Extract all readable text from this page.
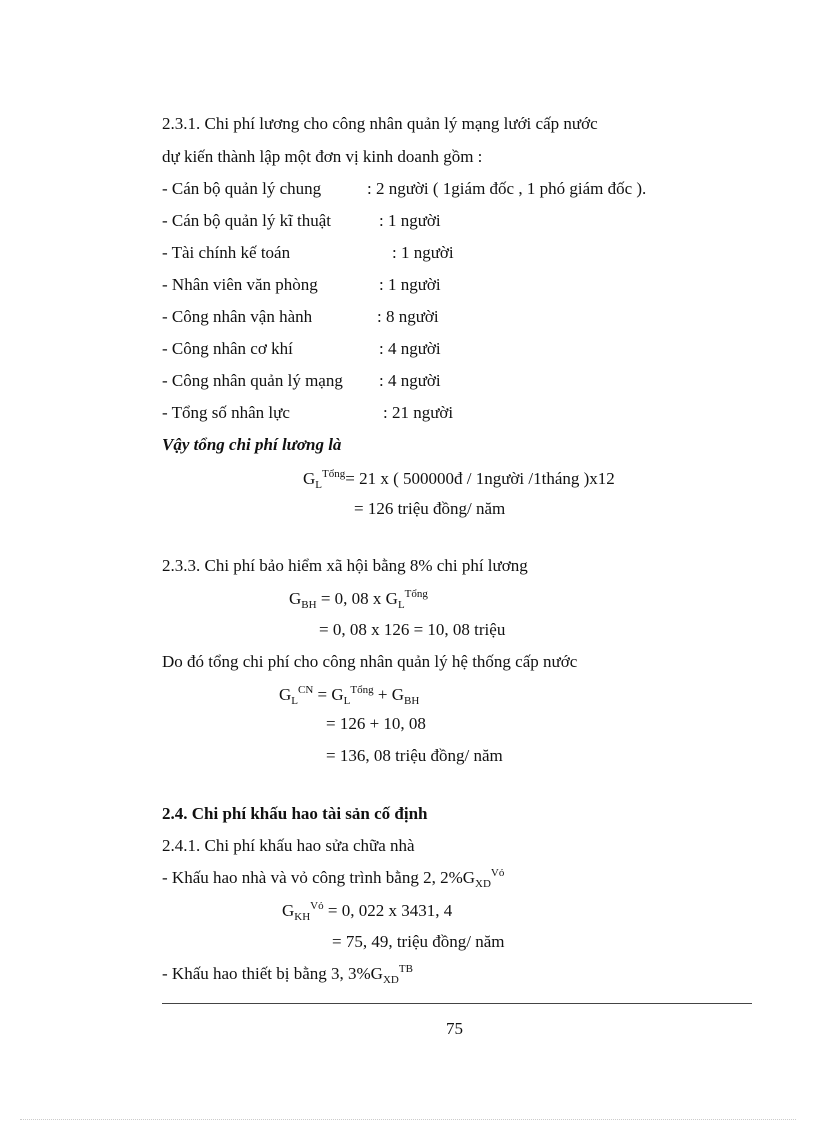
2.3.1. Chi phí lương cho công nhân quản lý mạng lưới cấp nước
dự kiến thành lập một đơn vị kinh doanh gồm :
- Cán bộ quản lý chung	: 2 người ( 1giám đốc , 1 phó giám đốc ).
- Cán bộ quản lý kĩ thuật	: 1 người
- Tài chính kế toán	: 1 người
- Nhân viên văn phòng	: 1 người
- Công nhân vận hành	: 8 người
- Công nhân cơ khí	: 4 người
- Công nhân quản lý mạng : 4 người
- Tổng số nhân lực	: 21 người
Vậy tổng chi phí lương là
$G_L^{Tổng}= 21$ x ( 500000đ / 1người /1tháng )x12
= 126 triệu đồng/ năm
2.3.3. Chi phí bảo hiểm xã hội bằng 8% chi phí lương
$G_{BH} = 0$, 08 x $G_L^{Tổng}$
= 0, 08 x 126 = 10, 08 triệu
Do đó tổng chi phí cho công nhân quản lý hệ thống cấp nước
$G_L^{CN} = G_L^{Tổng} + G_{BH}$
= 126 + 10, 08
= 136, 08 triệu đồng/ năm
2.4. Chi phí khấu hao tài sản cố định
2.4.1. Chi phí khấu hao sửa chữa nhà
- Khấu hao nhà và vỏ công trình bằng 2, $2\%G_{XD}^{Vỏ}$
$G_{KH}^{Vỏ} = 0$, 022 x 3431, 4
= 75, 49, triệu đồng/ năm
- Khấu hao thiết bị bằng 3, $3\%G_{XD}^{TB}$
75
